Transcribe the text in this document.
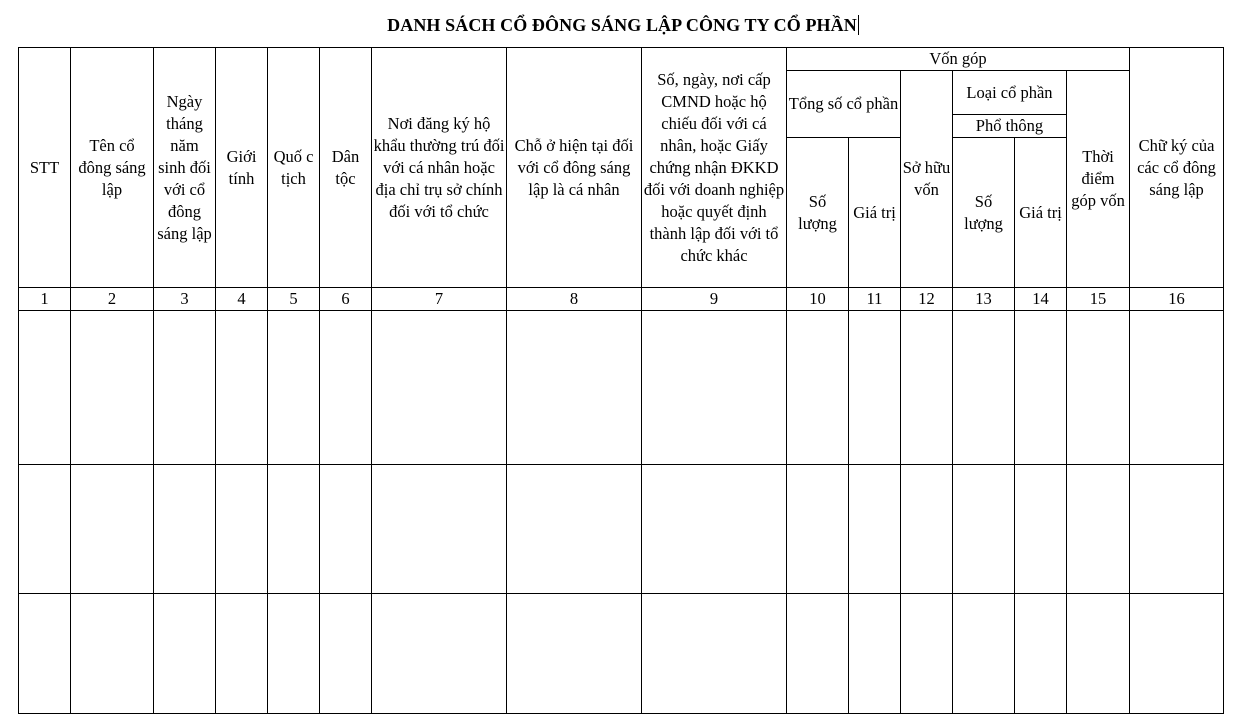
DANH SÁCH CỔ ĐÔNG SÁNG LẬP CÔNG TY CỔ PHẦN
STT	Tên cổ đông sáng lập	Ngày tháng năm sinh đối với cổ đông sáng lập	Giới tính	Quố c tịch	Dân tộc	Nơi đăng ký hộ khẩu thường trú đối với cá nhân hoặc địa chỉ trụ sở chính đối với tổ chức	Chỗ ở hiện tại đối với cổ đông sáng lập là cá nhân	Số, ngày, nơi cấp CMND hoặc hộ chiếu đối với cá nhân, hoặc Giấy chứng nhận ĐKKD đối với doanh nghiệp hoặc quyết định thành lập đối với tổ chức khác	Vốn góp						Chữ ký của các cổ đông sáng lập
									Tổng số cổ phần		Sở hữu vốn	Loại cổ phần		Thời điểm góp vốn	
												Phổ thông			
									Số lượng	Giá trị		Số lượng	Giá trị		
1	2	3	4	5	6	7	8	9	10	11	12	13	14	15	16
